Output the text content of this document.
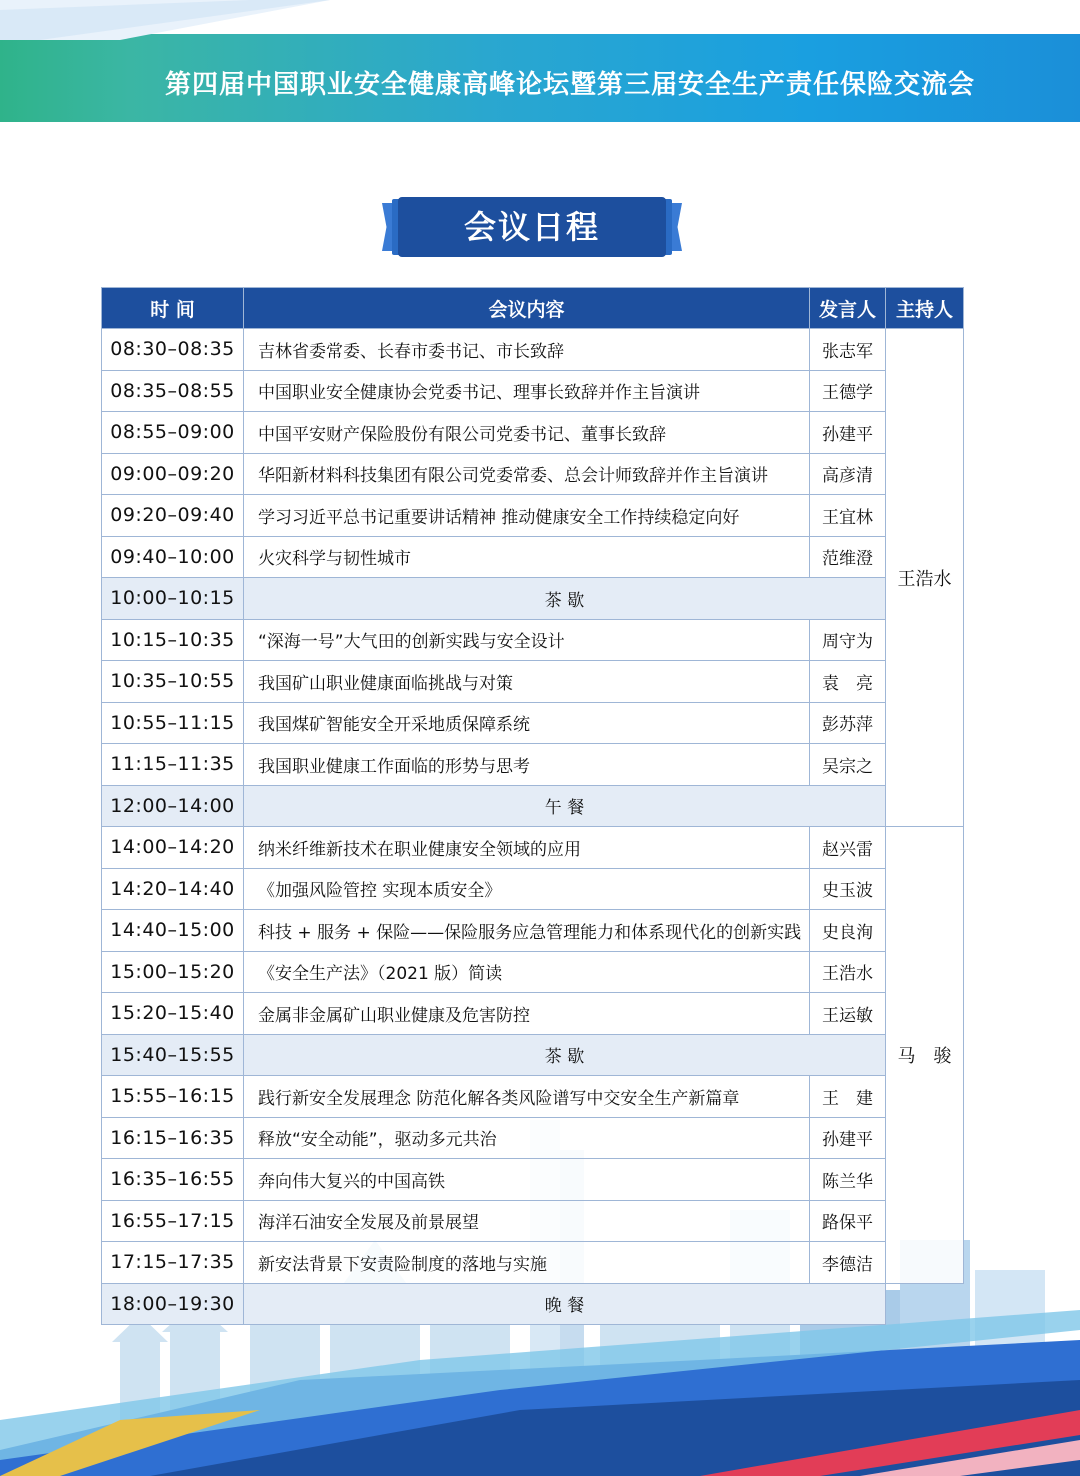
第四届中国职业安全健康高峰论坛暨第三届安全生产责任保险交流会
会议日程
时 间	会议内容	发言人	主持人
08:30–08:35	吉林省委常委、长春市委书记、市长致辞	张志军	王浩水
08:35–08:55	中国职业安全健康协会党委书记、理事长致辞并作主旨演讲	王德学	
08:55–09:00	中国平安财产保险股份有限公司党委书记、董事长致辞	孙建平	
09:00–09:20	华阳新材料科技集团有限公司党委常委、总会计师致辞并作主旨演讲	高彦清	
09:20–09:40	学习习近平总书记重要讲话精神 推动健康安全工作持续稳定向好	王宜林	
09:40–10:00	火灾科学与韧性城市	范维澄	
10:00–10:15	茶 歇		
10:15–10:35	“深海一号”大气田的创新实践与安全设计	周守为	
10:35–10:55	我国矿山职业健康面临挑战与对策	袁　亮	
10:55–11:15	我国煤矿智能安全开采地质保障系统	彭苏萍	
11:15–11:35	我国职业健康工作面临的形势与思考	吴宗之	
12:00–14:00	午 餐		
14:00–14:20	纳米纤维新技术在职业健康安全领域的应用	赵兴雷	马　骏
14:20–14:40	《加强风险管控 实现本质安全》	史玉波	
14:40–15:00	科技 + 服务 + 保险——保险服务应急管理能力和体系现代化的创新实践	史良洵	
15:00–15:20	《安全生产法》（2021 版）简读	王浩水	
15:20–15:40	金属非金属矿山职业健康及危害防控	王运敏	
15:40–15:55	茶 歇		
15:55–16:15	践行新安全发展理念 防范化解各类风险谱写中交安全生产新篇章	王　建	
16:15–16:35	释放“安全动能”，驱动多元共治	孙建平	
16:35–16:55	奔向伟大复兴的中国高铁	陈兰华	
16:55–17:15	海洋石油安全发展及前景展望	路保平	
17:15–17:35	新安法背景下安责险制度的落地与实施	李德洁	
18:00–19:30	晚 餐		
